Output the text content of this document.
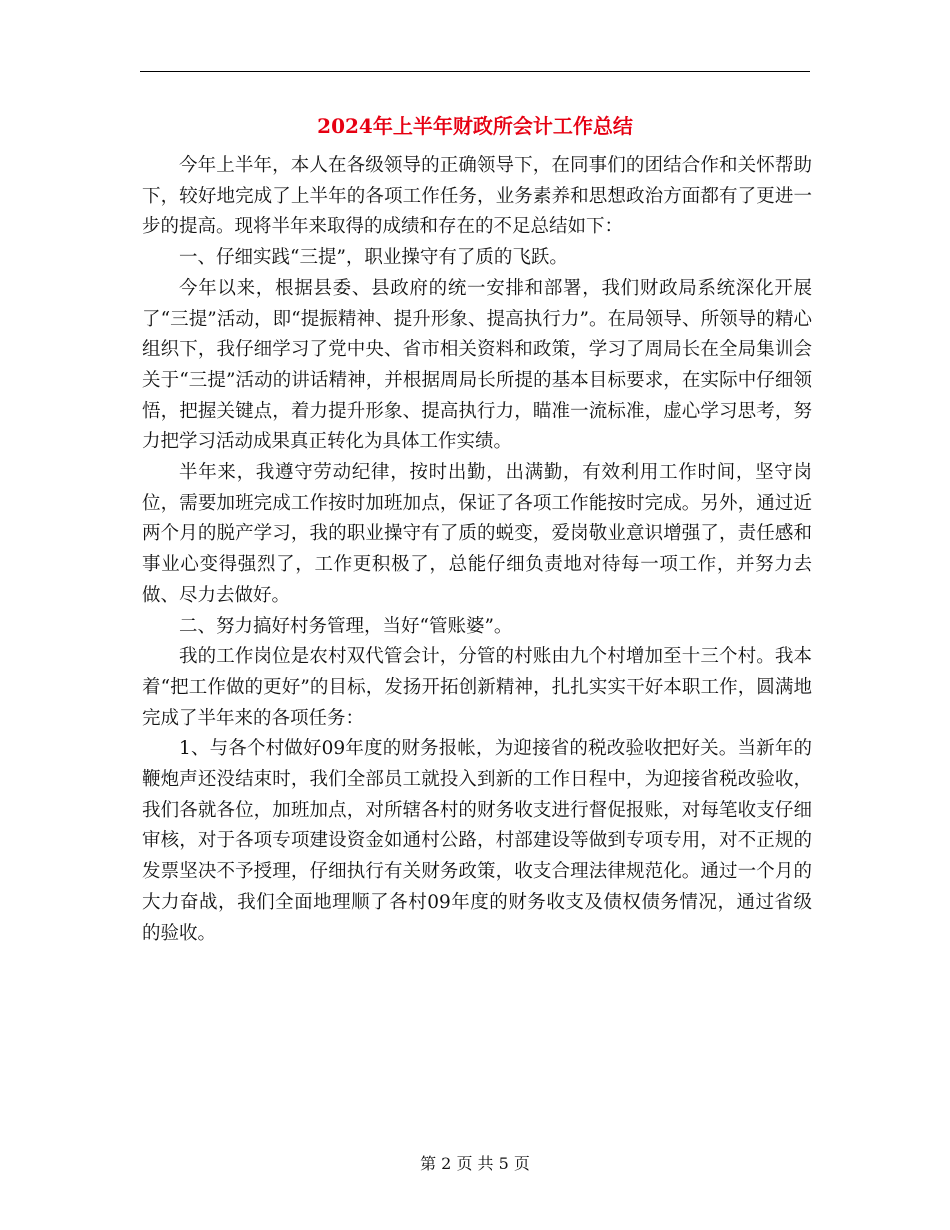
2024年上半年财政所会计工作总结

今年上半年，本人在各级领导的正确领导下，在同事们的团结合作和关怀帮助下，较好地完成了上半年的各项工作任务，业务素养和思想政治方面都有了更进一步的提高。现将半年来取得的成绩和存在的不足总结如下：

一、仔细实践“三提”，职业操守有了质的飞跃。

今年以来，根据县委、县政府的统一安排和部署，我们财政局系统深化开展了“三提”活动，即“提振精神、提升形象、提高执行力”。在局领导、所领导的精心组织下，我仔细学习了党中央、省市相关资料和政策，学习了周局长在全局集训会关于“三提”活动的讲话精神，并根据周局长所提的基本目标要求，在实际中仔细领悟，把握关键点，着力提升形象、提高执行力，瞄准一流标准，虚心学习思考，努力把学习活动成果真正转化为具体工作实绩。

半年来，我遵守劳动纪律，按时出勤，出满勤，有效利用工作时间，坚守岗位，需要加班完成工作按时加班加点，保证了各项工作能按时完成。另外，通过近两个月的脱产学习，我的职业操守有了质的蜕变，爱岗敬业意识增强了，责任感和事业心变得强烈了，工作更积极了，总能仔细负责地对待每一项工作，并努力去做、尽力去做好。

二、努力搞好村务管理，当好“管账婆”。

我的工作岗位是农村双代管会计，分管的村账由九个村增加至十三个村。我本着“把工作做的更好”的目标，发扬开拓创新精神，扎扎实实干好本职工作，圆满地完成了半年来的各项任务：

1、与各个村做好09年度的财务报帐，为迎接省的税改验收把好关。当新年的鞭炮声还没结束时，我们全部员工就投入到新的工作日程中，为迎接省税改验收，我们各就各位，加班加点，对所辖各村的财务收支进行督促报账，对每笔收支仔细审核，对于各项专项建设资金如通村公路，村部建设等做到专项专用，对不正规的发票坚决不予授理，仔细执行有关财务政策，收支合理法律规范化。通过一个月的大力奋战，我们全面地理顺了各村09年度的财务收支及债权债务情况，通过省级的验收。

第 2 页 共 5 页
